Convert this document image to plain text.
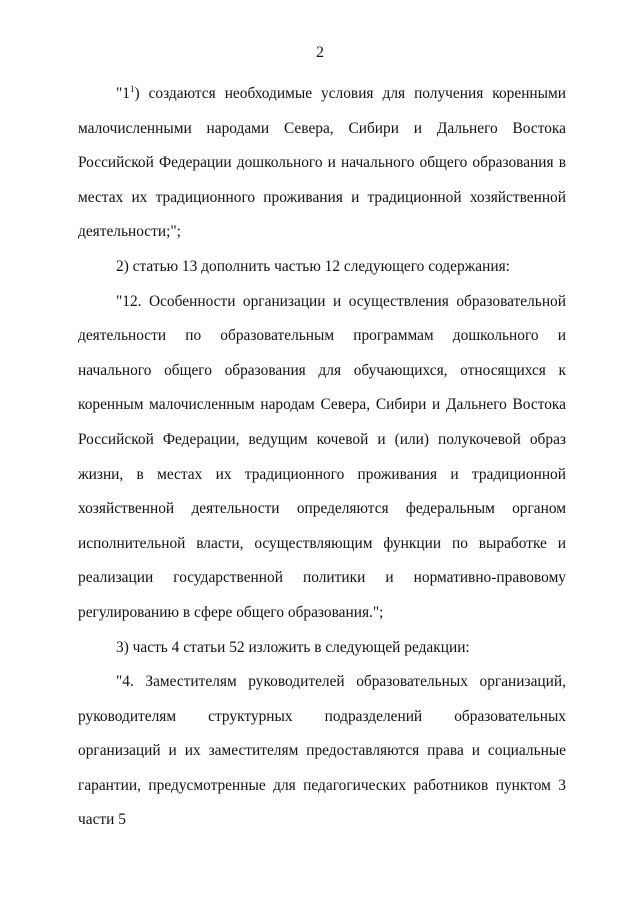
2

"$1^1$) создаются необходимые условия для получения коренными малочисленными народами Севера, Сибири и Дальнего Востока Российской Федерации дошкольного и начального общего образования в местах их традиционного проживания и традиционной хозяйственной деятельности;";

2) статью 13 дополнить частью 12 следующего содержания:

"12. Особенности организации и осуществления образовательной деятельности по образовательным программам дошкольного и начального общего образования для обучающихся, относящихся к коренным малочисленным народам Севера, Сибири и Дальнего Востока Российской Федерации, ведущим кочевой и (или) полукочевой образ жизни, в местах их традиционного проживания и традиционной хозяйственной деятельности определяются федеральным органом исполнительной власти, осуществляющим функции по выработке и реализации государственной политики и нормативно-правовому регулированию в сфере общего образования.";

3) часть 4 статьи 52 изложить в следующей редакции:

"4. Заместителям руководителей образовательных организаций, руководителям структурных подразделений образовательных организаций и их заместителям предоставляются права и социальные гарантии, предусмотренные для педагогических работников пунктом 3 части 5
